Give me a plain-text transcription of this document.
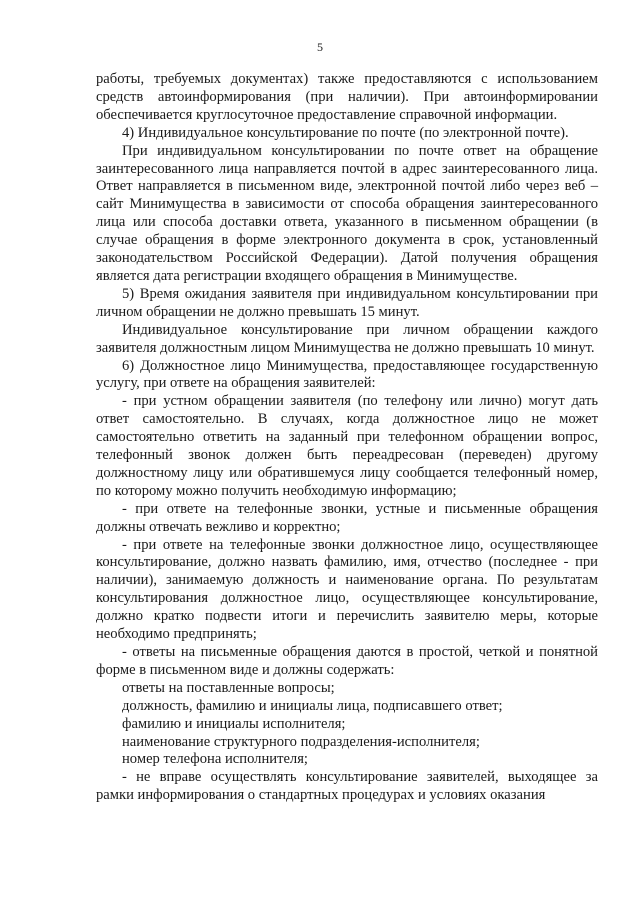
5

работы, требуемых документах) также предоставляются с использованием средств автоинформирования (при наличии). При автоинформировании обеспечивается круглосуточное предоставление справочной информации.

4) Индивидуальное консультирование по почте (по электронной почте).

При индивидуальном консультировании по почте ответ на обращение заинтересованного лица направляется почтой в адрес заинтересованного лица. Ответ направляется в письменном виде, электронной почтой либо через веб – сайт Минимущества в зависимости от способа обращения заинтересованного лица или способа доставки ответа, указанного в письменном обращении (в случае обращения в форме электронного документа в срок, установленный законодательством Российской Федерации). Датой получения обращения является дата регистрации входящего обращения в Минимуществе.

5) Время ожидания заявителя при индивидуальном консультировании при личном обращении не должно превышать 15 минут.

Индивидуальное консультирование при личном обращении каждого заявителя должностным лицом Минимущества не должно превышать 10 минут.

6) Должностное лицо Минимущества, предоставляющее государственную услугу, при ответе на обращения заявителей:

- при устном обращении заявителя (по телефону или лично) могут дать ответ самостоятельно. В случаях, когда должностное лицо не может самостоятельно ответить на заданный при телефонном обращении вопрос, телефонный звонок должен быть переадресован (переведен) другому должностному лицу или обратившемуся лицу сообщается телефонный номер, по которому можно получить необходимую информацию;

- при ответе на телефонные звонки, устные и письменные обращения должны отвечать вежливо и корректно;

- при ответе на телефонные звонки должностное лицо, осуществляющее консультирование, должно назвать фамилию, имя, отчество (последнее - при наличии), занимаемую должность и наименование органа. По результатам консультирования должностное лицо, осуществляющее консультирование, должно кратко подвести итоги и перечислить заявителю меры, которые необходимо предпринять;

- ответы на письменные обращения даются в простой, четкой и понятной форме в письменном виде и должны содержать:

ответы на поставленные вопросы;

должность, фамилию и инициалы лица, подписавшего ответ;

фамилию и инициалы исполнителя;

наименование структурного подразделения-исполнителя;

номер телефона исполнителя;

- не вправе осуществлять консультирование заявителей, выходящее за рамки информирования о стандартных процедурах и условиях оказания
